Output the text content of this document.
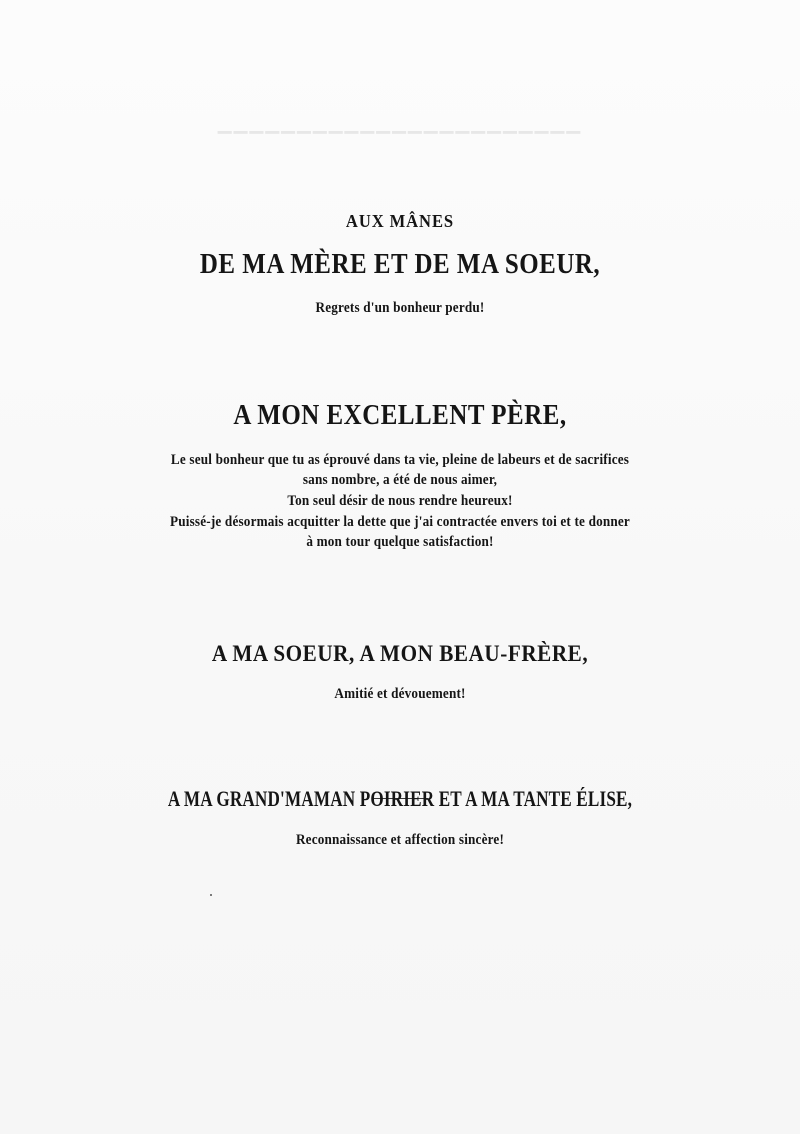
▔▔▔▔▔▔▔▔▔▔▔▔▔▔▔▔▔▔▔▔▔▔▔
AUX MÂNES
DE MA MÈRE ET DE MA SOEUR,
Regrets d'un bonheur perdu!
A MON EXCELLENT PÈRE,
Le seul bonheur que tu as éprouvé dans ta vie, pleine de labeurs et de sacrifices
sans nombre, a été de nous aimer,
Ton seul désir de nous rendre heureux!
Puissé-je désormais acquitter la dette que j'ai contractée envers toi et te donner
à mon tour quelque satisfaction!
A MA SOEUR, A MON BEAU-FRÈRE,
Amitié et dévouement!
A MA GRAND'MAMAN POIRIER ET A MA TANTE ÉLISE,
Reconnaissance et affection sincère!
